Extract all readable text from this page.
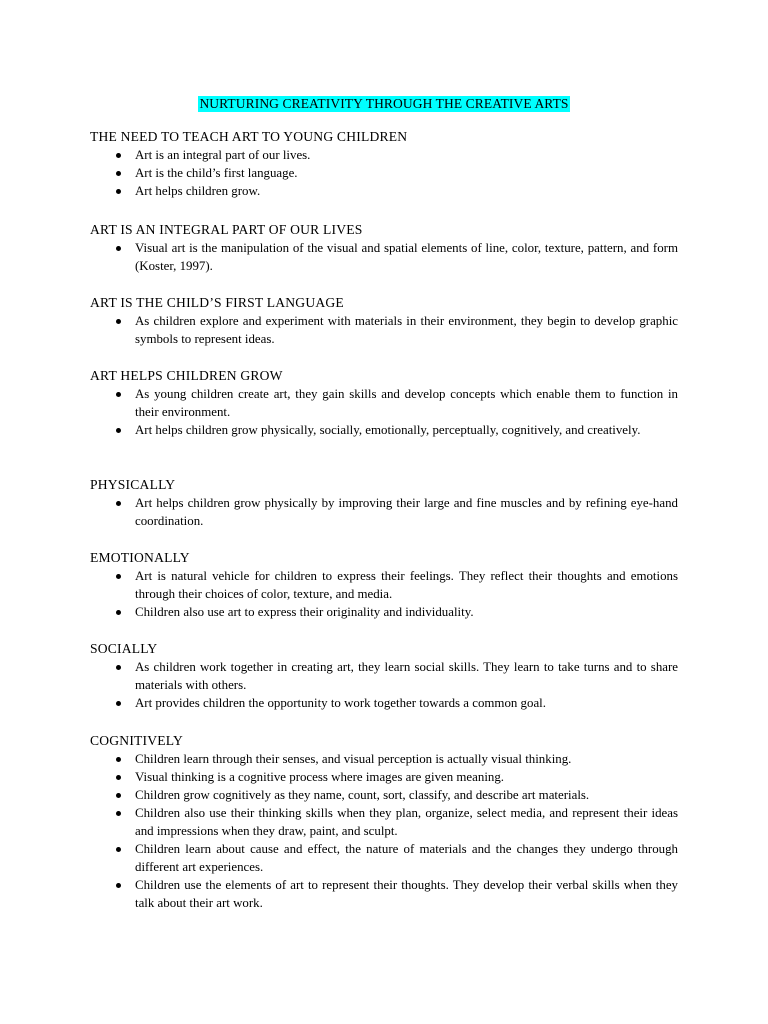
NURTURING CREATIVITY THROUGH THE CREATIVE ARTS
THE NEED TO TEACH ART TO YOUNG CHILDREN
Art is an integral part of our lives.
Art is the child’s first language.
Art helps children grow.
ART IS AN INTEGRAL PART OF OUR LIVES
Visual art is the manipulation of the visual and spatial elements of line, color, texture, pattern, and form (Koster, 1997).
ART IS THE CHILD’S FIRST LANGUAGE
As children explore and experiment with materials in their environment, they begin to develop graphic symbols to represent ideas.
ART HELPS CHILDREN GROW
As young children create art, they gain skills and develop concepts which enable them to function in their environment.
Art helps children grow physically, socially, emotionally, perceptually, cognitively, and creatively.
PHYSICALLY
Art helps children grow physically by improving their large and fine muscles and by refining eye-hand coordination.
EMOTIONALLY
Art is natural vehicle for children to express their feelings. They reflect their thoughts and emotions through their choices of color, texture, and media.
Children also use art to express their originality and individuality.
SOCIALLY
As children work together in creating art, they learn social skills. They learn to take turns and to share materials with others.
Art provides children the opportunity to work together towards a common goal.
COGNITIVELY
Children learn through their senses, and visual perception is actually visual thinking.
Visual thinking is a cognitive process where images are given meaning.
Children grow cognitively as they name, count, sort, classify, and describe art materials.
Children also use their thinking skills when they plan, organize, select media, and represent their ideas and impressions when they draw, paint, and sculpt.
Children learn about cause and effect, the nature of materials and the changes they undergo through different art experiences.
Children use the elements of art to represent their thoughts. They develop their verbal skills when they talk about their art work.
